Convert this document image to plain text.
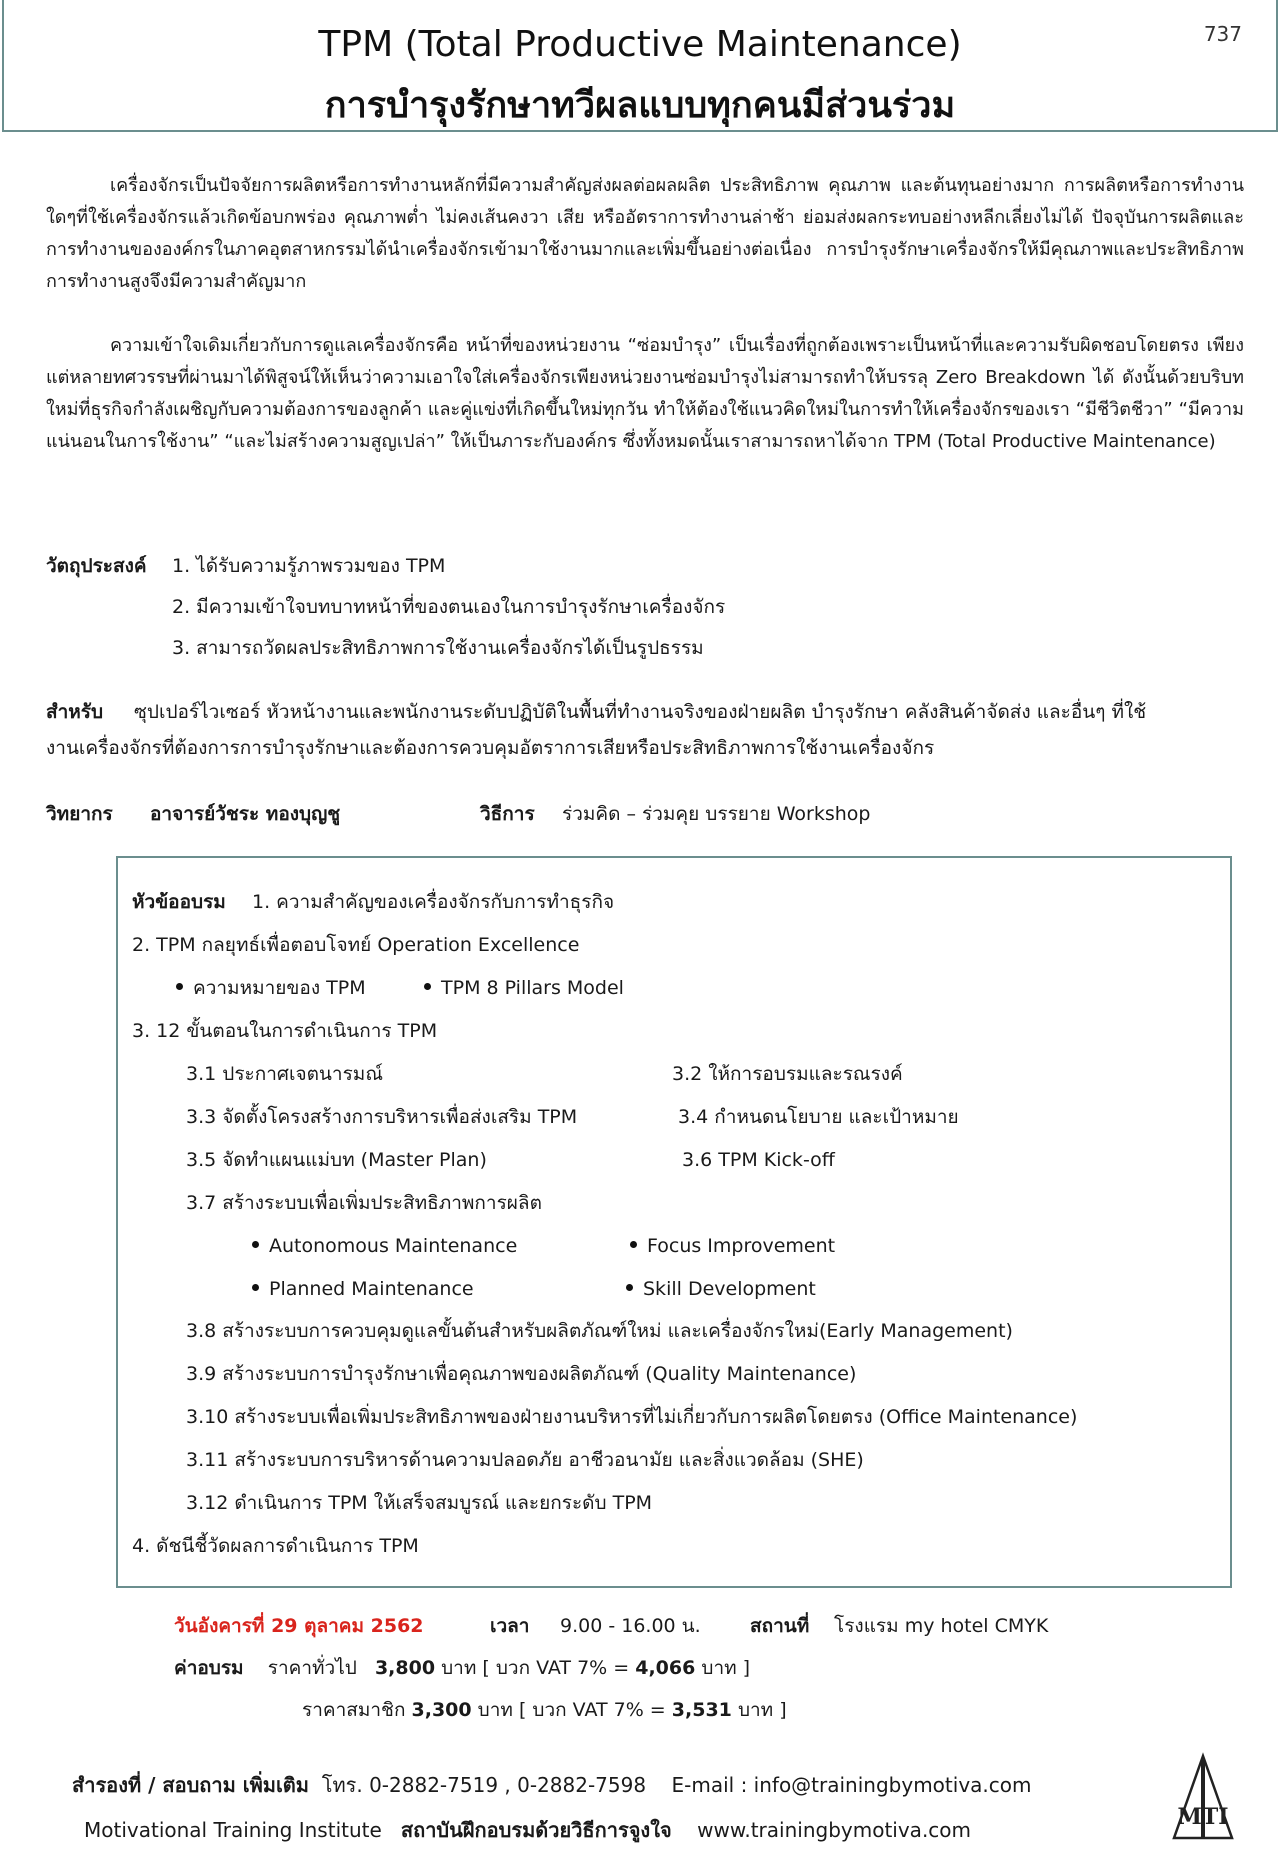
TPM (Total Productive Maintenance)
การบำรุงรักษาทวีผลแบบทุกคนมีส่วนร่วม
737

เครื่องจักรเป็นปัจจัยการผลิตหรือการทำงานหลักที่มีความสำคัญส่งผลต่อผลผลิต ประสิทธิภาพ คุณภาพ และต้นทุนอย่างมาก การผลิตหรือการทำงานใดๆที่ใช้เครื่องจักรแล้วเกิดข้อบกพร่อง คุณภาพต่ำ ไม่คงเส้นคงวา เสีย หรืออัตราการทำงานล่าช้า ย่อมส่งผลกระทบอย่างหลีกเลี่ยงไม่ได้ ปัจจุบันการผลิตและการทำงานขององค์กรในภาคอุตสาหกรรมได้นำเครื่องจักรเข้ามาใช้งานมากและเพิ่มขึ้นอย่างต่อเนื่อง การบำรุงรักษาเครื่องจักรให้มีคุณภาพและประสิทธิภาพการทำงานสูงจึงมีความสำคัญมาก

ความเข้าใจเดิมเกี่ยวกับการดูแลเครื่องจักรคือ หน้าที่ของหน่วยงาน “ซ่อมบำรุง” เป็นเรื่องที่ถูกต้องเพราะเป็นหน้าที่และความรับผิดชอบโดยตรง เพียงแต่หลายทศวรรษที่ผ่านมาได้พิสูจน์ให้เห็นว่าความเอาใจใส่เครื่องจักรเพียงหน่วยงานซ่อมบำรุงไม่สามารถทำให้บรรลุ Zero Breakdown ได้ ดังนั้นด้วยบริบทใหม่ที่ธุรกิจกำลังเผชิญกับความต้องการของลูกค้า และคู่แข่งที่เกิดขึ้นใหม่ทุกวัน ทำให้ต้องใช้แนวคิดใหม่ในการทำให้เครื่องจักรของเรา “มีชีวิตชีวา” “มีความแน่นอนในการใช้งาน” “และไม่สร้างความสูญเปล่า” ให้เป็นภาระกับองค์กร ซึ่งทั้งหมดนั้นเราสามารถหาได้จาก TPM (Total Productive Maintenance)

วัตถุประสงค์ 1. ได้รับความรู้ภาพรวมของ TPM
2. มีความเข้าใจบทบาทหน้าที่ของตนเองในการบำรุงรักษาเครื่องจักร
3. สามารถวัดผลประสิทธิภาพการใช้งานเครื่องจักรได้เป็นรูปธรรม
สำหรับ ซุปเปอร์ไวเซอร์ หัวหน้างานและพนักงานระดับปฏิบัติในพื้นที่ทำงานจริงของฝ่ายผลิต บำรุงรักษา คลังสินค้าจัดส่ง และอื่นๆ ที่ใช้
งานเครื่องจักรที่ต้องการการบำรุงรักษาและต้องการควบคุมอัตราการเสียหรือประสิทธิภาพการใช้งานเครื่องจักร
วิทยากร อาจารย์วัชระ ทองบุญชู	วิธีการ ร่วมคิด – ร่วมคุย บรรยาย Workshop
หัวข้ออบรม 1. ความสำคัญของเครื่องจักรกับการทำธุรกิจ
2. TPM กลยุทธ์เพื่อตอบโจทย์ Operation Excellence
ความหมายของ TPM	TPM 8 Pillars Model
3. 12 ขั้นตอนในการดำเนินการ TPM
3.1 ประกาศเจตนารมณ์	3.2 ให้การอบรมและรณรงค์
3.3 จัดตั้งโครงสร้างการบริหารเพื่อส่งเสริม TPM	3.4 กำหนดนโยบาย และเป้าหมาย
3.5 จัดทำแผนแม่บท (Master Plan)	3.6 TPM Kick-off
3.7 สร้างระบบเพื่อเพิ่มประสิทธิภาพการผลิต
Autonomous Maintenance	Focus Improvement
Planned Maintenance	Skill Development
3.8 สร้างระบบการควบคุมดูแลขั้นต้นสำหรับผลิตภัณฑ์ใหม่ และเครื่องจักรใหม่(Early Management)
3.9 สร้างระบบการบำรุงรักษาเพื่อคุณภาพของผลิตภัณฑ์ (Quality Maintenance)
3.10 สร้างระบบเพื่อเพิ่มประสิทธิภาพของฝ่ายงานบริหารที่ไม่เกี่ยวกับการผลิตโดยตรง (Office Maintenance)
3.11 สร้างระบบการบริหารด้านความปลอดภัย อาชีวอนามัย และสิ่งแวดล้อม (SHE)
3.12 ดำเนินการ TPM ให้เสร็จสมบูรณ์ และยกระดับ TPM
4. ดัชนีชี้วัดผลการดำเนินการ TPM
วันอังคารที่ 29 ตุลาคม 2562	เวลา 9.00 - 16.00 น.	สถานที่ โรงแรม my hotel CMYK
ค่าอบรม ราคาทั่วไป 3,800 บาท [ บวก VAT 7% = 4,066 บาท ]
ราคาสมาชิก 3,300 บาท [ บวก VAT 7% = 3,531 บาท ]
สำรองที่ / สอบถาม เพิ่มเติม โทร. 0-2882-7519 , 0-2882-7598 E-mail : info@trainingbymotiva.com
Motivational Training Institute สถาบันฝึกอบรมด้วยวิธีการจูงใจ www.trainingbymotiva.com	MTI
